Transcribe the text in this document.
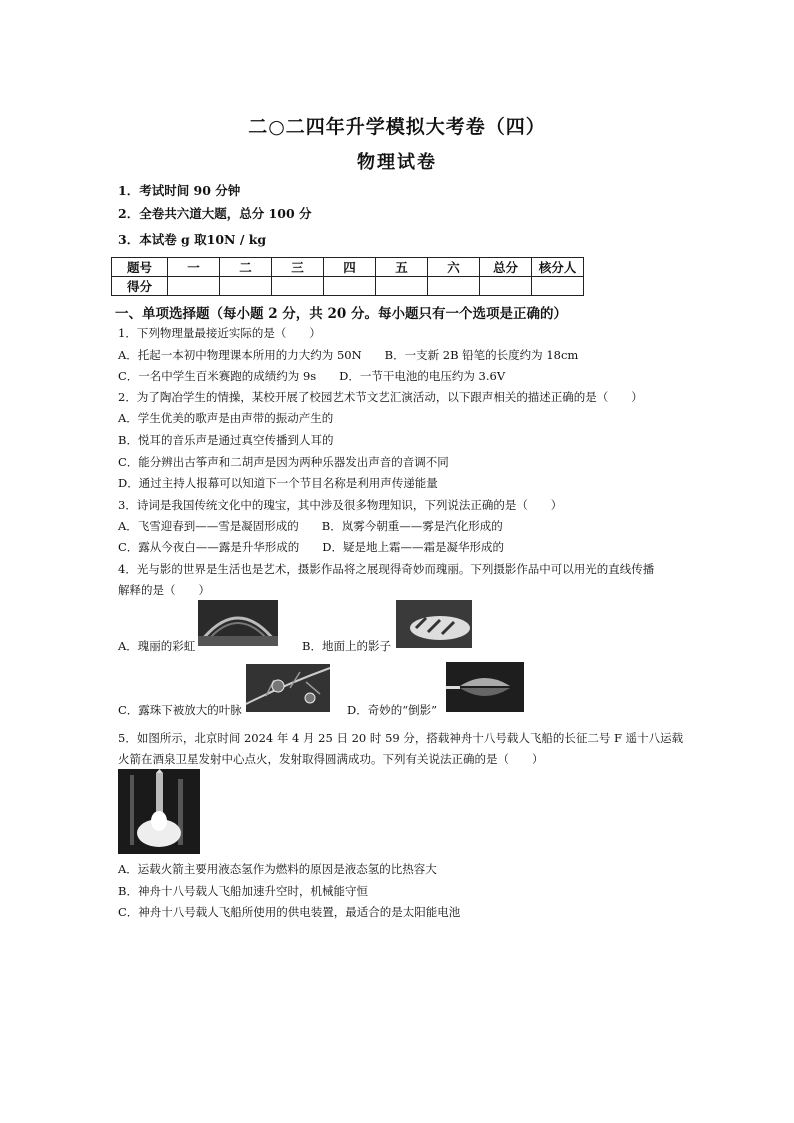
二○二四年升学模拟大考卷（四）
物理试卷
1．考试时间 90 分钟
2．全卷共六道大题，总分 100 分
3．本试卷 g 取10N / kg
题号	一	二	三	四	五	六	总分	核分人
得分								
一、单项选择题（每小题 2 分，共 20 分。每小题只有一个选项是正确的）
1．下列物理量最接近实际的是（　　）
A．托起一本初中物理课本所用的力大约为 50N　　B．一支新 2B 铅笔的长度约为 18cm
C．一名中学生百米赛跑的成绩约为 9s　　D．一节干电池的电压约为 3.6V
2．为了陶冶学生的情操，某校开展了校园艺术节文艺汇演活动，以下跟声相关的描述正确的是（　　）
A．学生优美的歌声是由声带的振动产生的
B．悦耳的音乐声是通过真空传播到人耳的
C．能分辨出古筝声和二胡声是因为两种乐器发出声音的音调不同
D．通过主持人报幕可以知道下一个节目名称是利用声传递能量
3．诗词是我国传统文化中的瑰宝，其中涉及很多物理知识，下列说法正确的是（　　）
A．飞雪迎春到——雪是凝固形成的　　B．岚雾今朝重——雾是汽化形成的
C．露从今夜白——露是升华形成的　　D．疑是地上霜——霜是凝华形成的
4．光与影的世界是生活也是艺术，摄影作品将之展现得奇妙而瑰丽。下列摄影作品中可以用光的直线传播
解释的是（　　）
A．瑰丽的彩虹	B．地面上的影子
C．露珠下被放大的叶脉	D．奇妙的“倒影”
5．如图所示，北京时间 2024 年 4 月 25 日 20 时 59 分，搭载神舟十八号载人飞船的长征二号 F 遥十八运载
火箭在酒泉卫星发射中心点火，发射取得圆满成功。下列有关说法正确的是（　　）
A．运载火箭主要用液态氢作为燃料的原因是液态氢的比热容大
B．神舟十八号载人飞船加速升空时，机械能守恒
C．神舟十八号载人飞船所使用的供电装置，最适合的是太阳能电池
